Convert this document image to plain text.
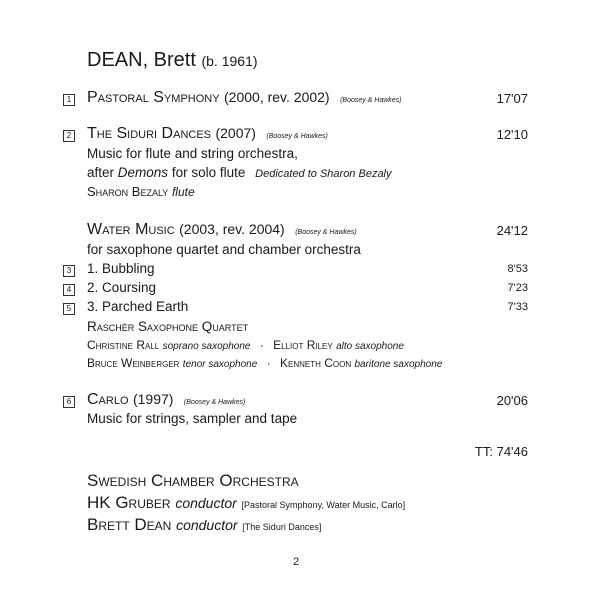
DEAN, Brett (b. 1961)
1 Pastoral Symphony (2000, rev. 2002) (Boosey & Hawkes)	17'07
2 The Siduri Dances (2007) (Boosey & Hawkes)	12'10
Music for flute and string orchestra,
after Demons for solo flute Dedicated to Sharon Bezaly
Sharon Bezaly flute
Water Music (2003, rev. 2004) (Boosey & Hawkes)	24'12
for saxophone quartet and chamber orchestra
3 1. Bubbling	8'53
4 2. Coursing	7'23
5 3. Parched Earth	7'33
Raschèr Saxophone Quartet
Christine Rall soprano saxophone · Elliot Riley alto saxophone
Bruce Weinberger tenor saxophone · Kenneth Coon baritone saxophone
6 Carlo (1997) (Boosey & Hawkes)	20'06
Music for strings, sampler and tape
TT: 74'46
Swedish Chamber Orchestra
HK Gruber conductor [Pastoral Symphony, Water Music, Carlo]
Brett Dean conductor [The Siduri Dances]
2
